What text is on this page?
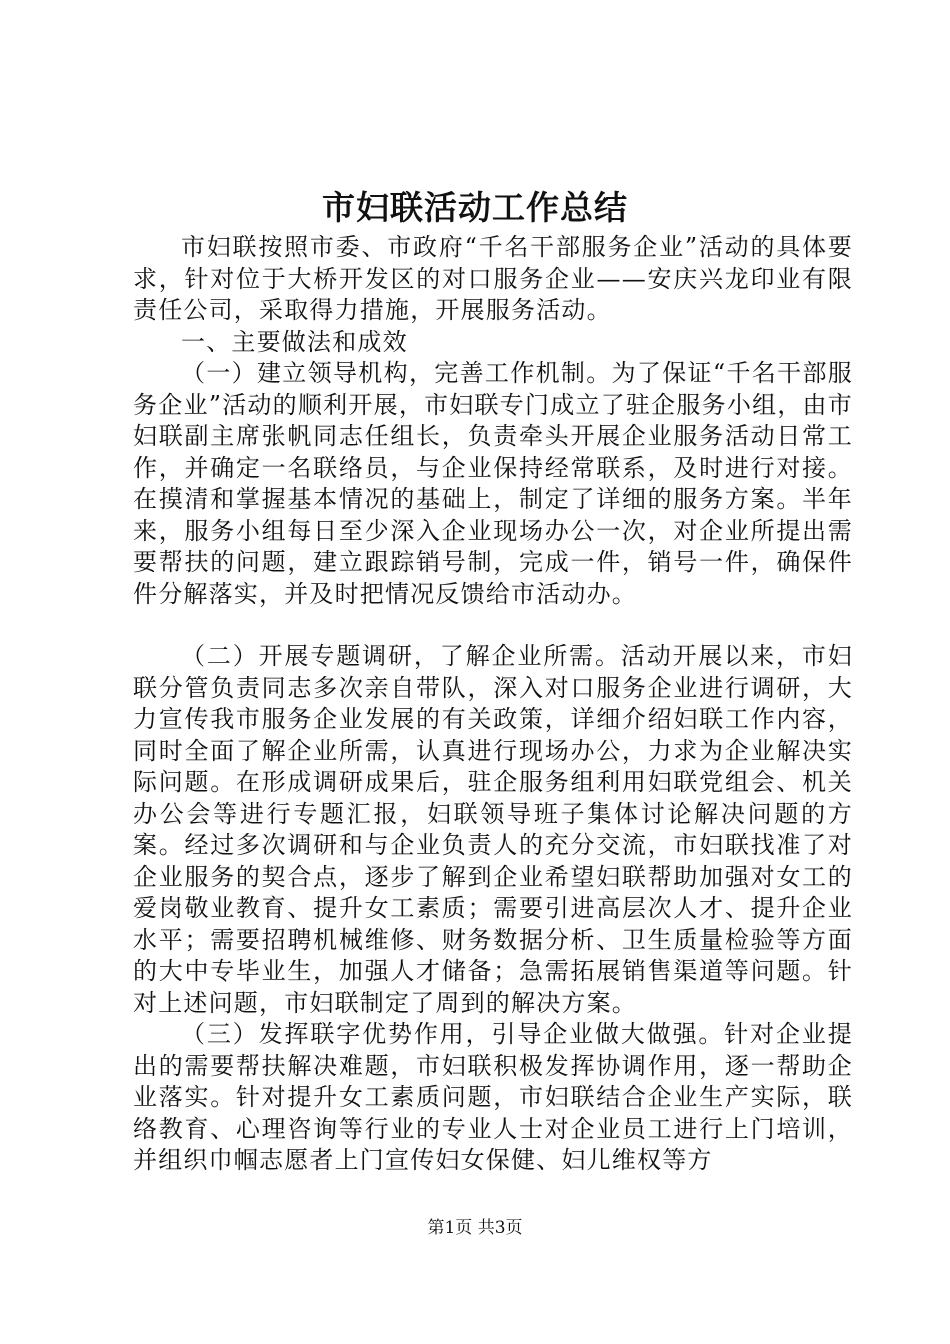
市妇联活动工作总结

市妇联按照市委、市政府“千名干部服务企业”活动的具体要求，针对位于大桥开发区的对口服务企业——安庆兴龙印业有限责任公司，采取得力措施，开展服务活动。

一、主要做法和成效

（一）建立领导机构，完善工作机制。为了保证“千名干部服务企业”活动的顺利开展，市妇联专门成立了驻企服务小组，由市妇联副主席张帆同志任组长，负责牵头开展企业服务活动日常工作，并确定一名联络员，与企业保持经常联系，及时进行对接。在摸清和掌握基本情况的基础上，制定了详细的服务方案。半年来，服务小组每日至少深入企业现场办公一次，对企业所提出需要帮扶的问题，建立跟踪销号制，完成一件，销号一件，确保件件分解落实，并及时把情况反馈给市活动办。

（二）开展专题调研，了解企业所需。活动开展以来，市妇联分管负责同志多次亲自带队，深入对口服务企业进行调研，大力宣传我市服务企业发展的有关政策，详细介绍妇联工作内容，同时全面了解企业所需，认真进行现场办公，力求为企业解决实际问题。在形成调研成果后，驻企服务组利用妇联党组会、机关办公会等进行专题汇报，妇联领导班子集体讨论解决问题的方案。经过多次调研和与企业负责人的充分交流，市妇联找准了对企业服务的契合点，逐步了解到企业希望妇联帮助加强对女工的爱岗敬业教育、提升女工素质；需要引进高层次人才、提升企业水平；需要招聘机械维修、财务数据分析、卫生质量检验等方面的大中专毕业生，加强人才储备；急需拓展销售渠道等问题。针对上述问题，市妇联制定了周到的解决方案。

（三）发挥联字优势作用，引导企业做大做强。针对企业提出的需要帮扶解决难题，市妇联积极发挥协调作用，逐一帮助企业落实。针对提升女工素质问题，市妇联结合企业生产实际，联络教育、心理咨询等行业的专业人士对企业员工进行上门培训，并组织巾帼志愿者上门宣传妇女保健、妇儿维权等方

第1页 共3页
